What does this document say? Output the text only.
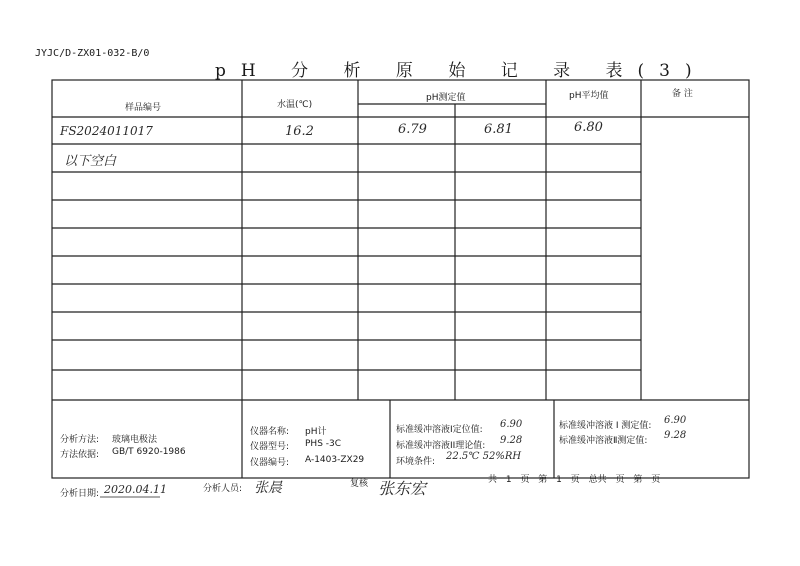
JYJC/D-ZX01-032-B/0
pH 分 析 原 始 记 录 表(3)
样品编号	水温(℃)
pH测定值	pH平均值	备 注
FS2024011017	16.2	6.79	6.81	6.80
以下空白
分析方法: 玻璃电极法
方法依据: GB/T 6920-1986
仪器名称: pH计
仪器型号: PHS -3C
仪器编号: A-1403-ZX29
标准缓冲溶液I定位值: 6.90
标准缓冲溶液II理论值: 9.28
环境条件: 22.5℃ 52%RH
标准缓冲溶液 I 测定值: 6.90
标准缓冲溶液Ⅱ测定值: 9.28
分析日期: 2020.04.11	分析人员: 张晨	复核 张东宏	共 1 页 第 1 页 总共 页 第 页
